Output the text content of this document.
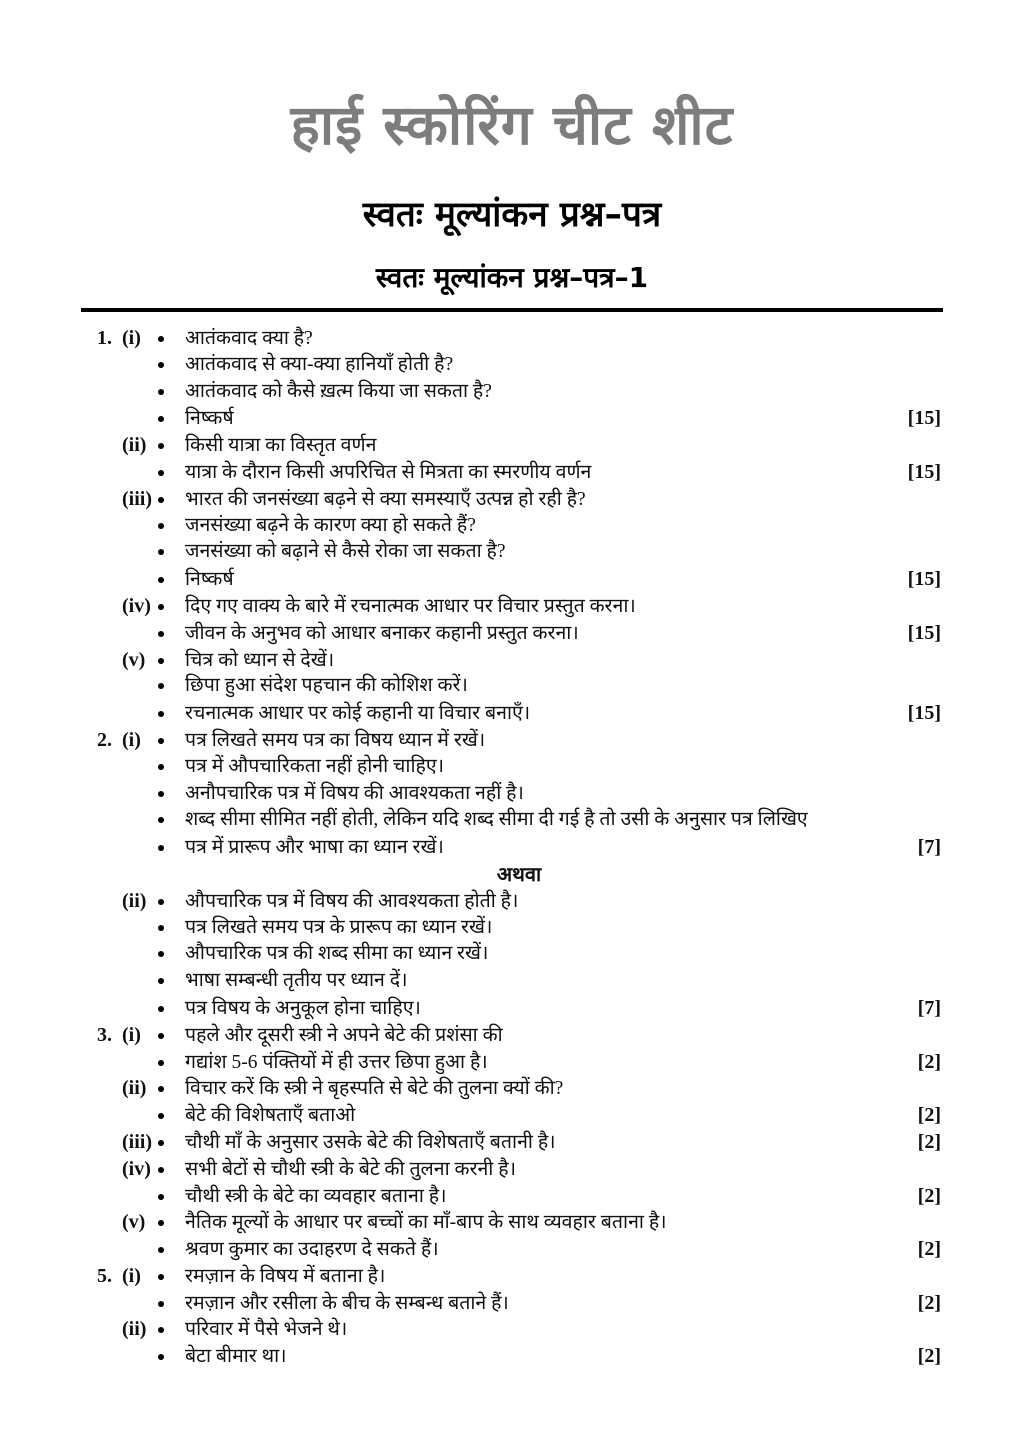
हाई स्कोरिंग चीट शीट
स्वतः मूल्यांकन प्रश्न–पत्र
स्वतः मूल्यांकन प्रश्न–पत्र–1
1. (i)	आतंकवाद क्या है?
आतंकवाद से क्या-क्या हानियाँ होती है?
आतंकवाद को कैसे ख़त्म किया जा सकता है?
निष्कर्ष	[15]
(ii)	किसी यात्रा का विस्तृत वर्णन
यात्रा के दौरान किसी अपरिचित से मित्रता का स्मरणीय वर्णन	[15]
(iii)	भारत की जनसंख्या बढ़ने से क्या समस्याएँ उत्पन्न हो रही है?
जनसंख्या बढ़ने के कारण क्या हो सकते हैं?
जनसंख्या को बढ़ाने से कैसे रोका जा सकता है?
निष्कर्ष	[15]
(iv)	दिए गए वाक्य के बारे में रचनात्मक आधार पर विचार प्रस्तुत करना।
जीवन के अनुभव को आधार बनाकर कहानी प्रस्तुत करना।	[15]
(v)	चित्र को ध्यान से देखें।
छिपा हुआ संदेश पहचान की कोशिश करें।
रचनात्मक आधार पर कोई कहानी या विचार बनाएँ।	[15]
2. (i)	पत्र लिखते समय पत्र का विषय ध्यान में रखें।
पत्र में औपचारिकता नहीं होनी चाहिए।
अनौपचारिक पत्र में विषय की आवश्यकता नहीं है।
शब्द सीमा सीमित नहीं होती, लेकिन यदि शब्द सीमा दी गई है तो उसी के अनुसार पत्र लिखिए
पत्र में प्रारूप और भाषा का ध्यान रखें।	[7]
अथवा
(ii)	औपचारिक पत्र में विषय की आवश्यकता होती है।
पत्र लिखते समय पत्र के प्रारूप का ध्यान रखें।
औपचारिक पत्र की शब्द सीमा का ध्यान रखें।
भाषा सम्बन्धी तृतीय पर ध्यान दें।
पत्र विषय के अनुकूल होना चाहिए।	[7]
3. (i)	पहले और दूसरी स्त्री ने अपने बेटे की प्रशंसा की
गद्यांश 5-6 पंक्तियों में ही उत्तर छिपा हुआ है।	[2]
(ii)	विचार करें कि स्त्री ने बृहस्पति से बेटे की तुलना क्यों की?
बेटे की विशेषताएँ बताओ	[2]
(iii)	चौथी माँ के अनुसार उसके बेटे की विशेषताएँ बतानी है।	[2]
(iv)	सभी बेटों से चौथी स्त्री के बेटे की तुलना करनी है।
चौथी स्त्री के बेटे का व्यवहार बताना है।	[2]
(v)	नैतिक मूल्यों के आधार पर बच्चों का माँ-बाप के साथ व्यवहार बताना है।
श्रवण कुमार का उदाहरण दे सकते हैं।	[2]
5. (i)	रमज़ान के विषय में बताना है।
रमज़ान और रसीला के बीच के सम्बन्ध बताने हैं।	[2]
(ii)	परिवार में पैसे भेजने थे।
बेटा बीमार था।	[2]
